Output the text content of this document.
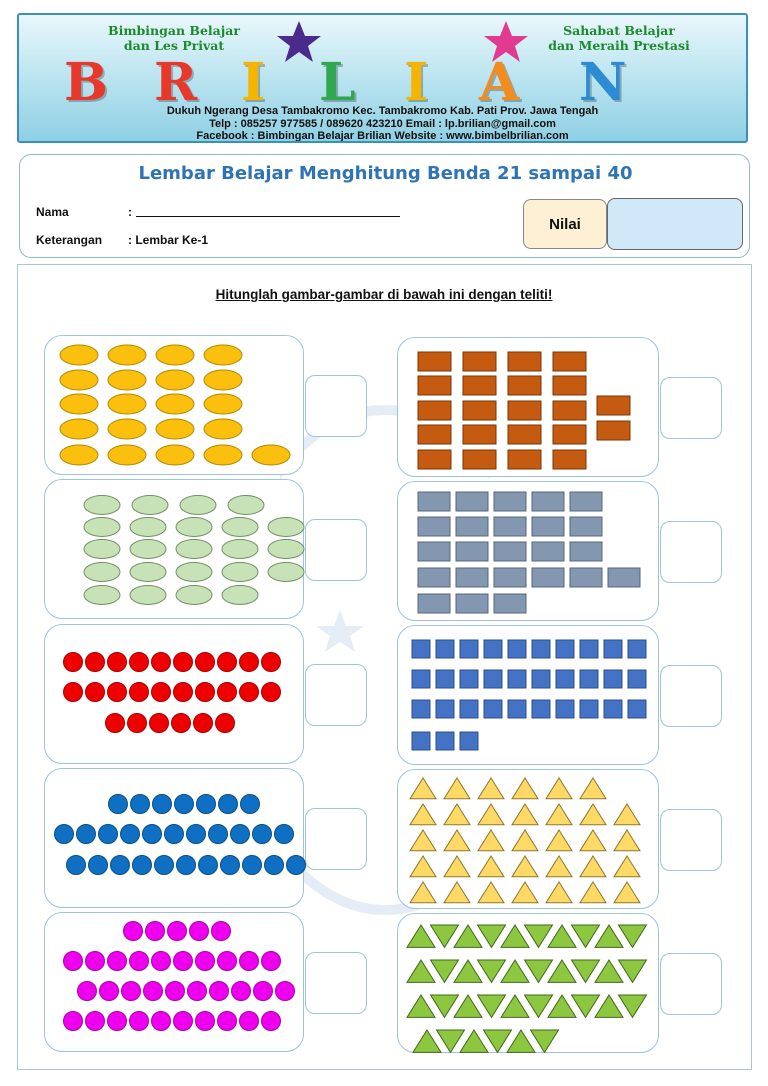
Bimbingan Belajar
dan Les Privat
Sahabat Belajar
dan Meraih Prestasi
B R I L I A N
Dukuh Ngerang Desa Tambakromo Kec. Tambakromo Kab. Pati Prov. Jawa Tengah
Telp : 085257 977585 / 089620 423210 Email : lp.brilian@gmail.com
Facebook : Bimbingan Belajar Brilian Website : www.bimbelbrilian.com
Lembar Belajar Menghitung Benda 21 sampai 40
Nama	:
Keterangan : Lembar Ke-1
Nilai
Hitunglah gambar-gambar di bawah ini dengan teliti!
